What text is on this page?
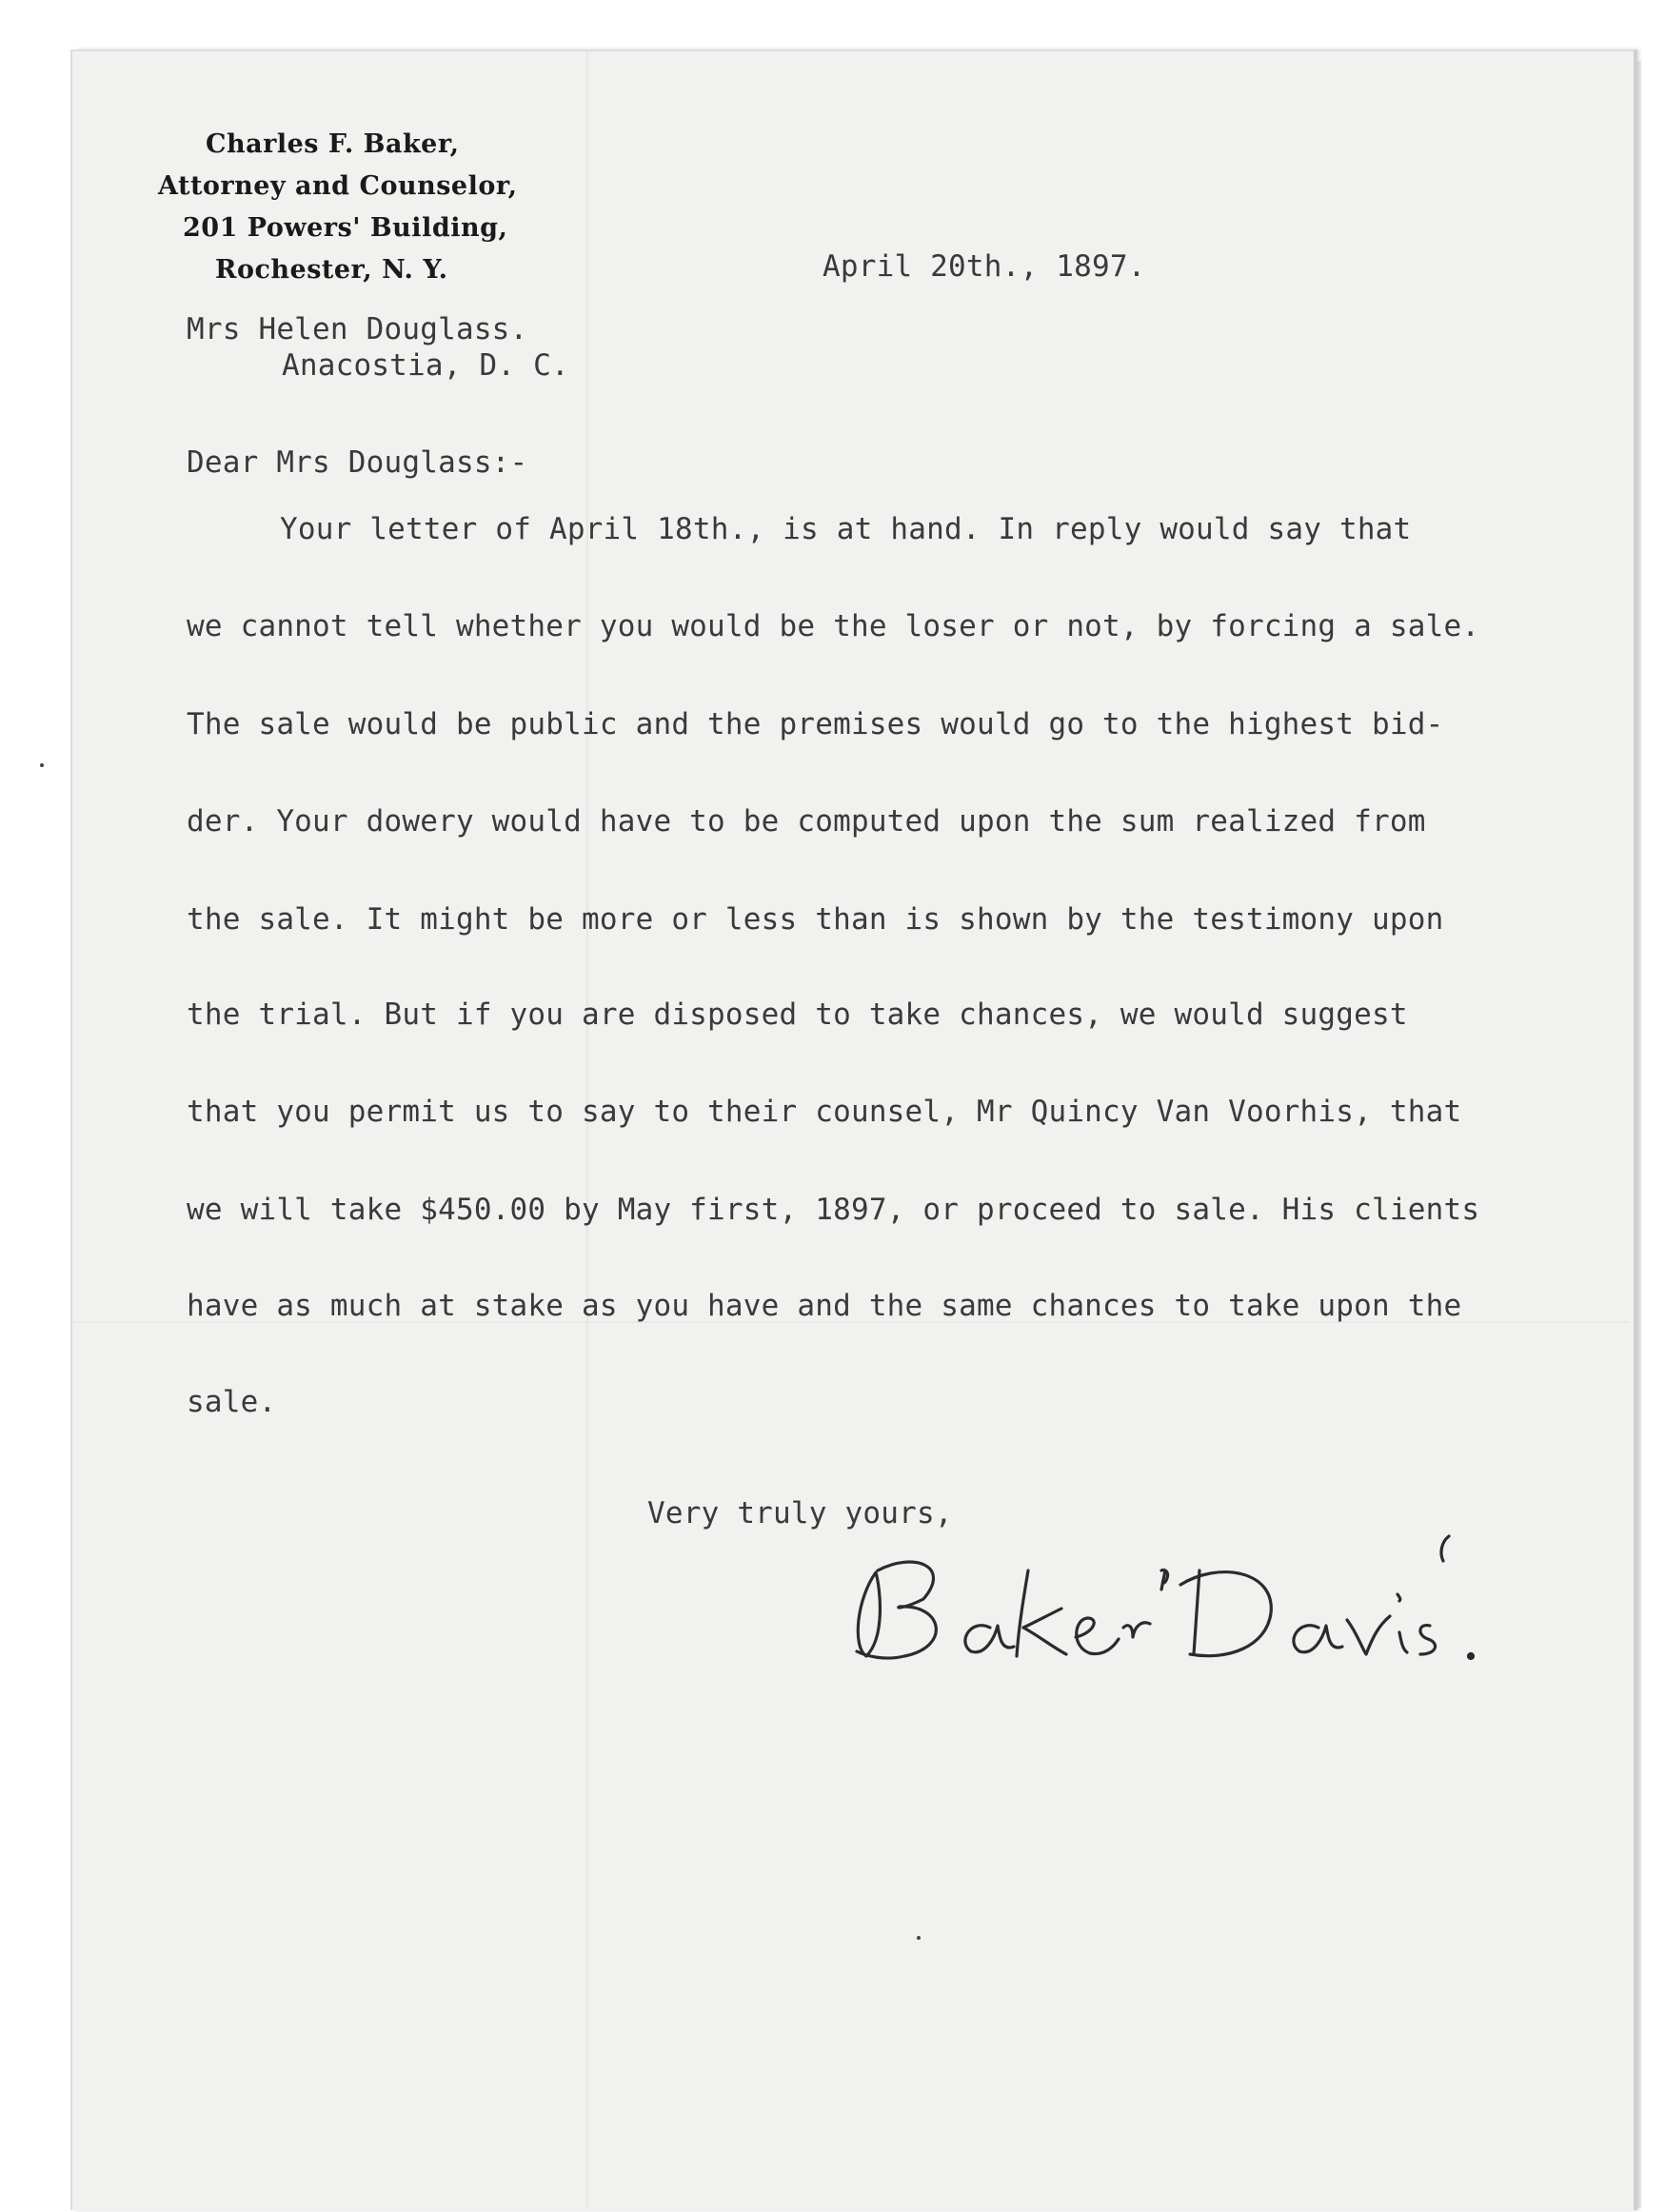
Charles F. Baker,
Attorney and Counselor,
201 Powers' Building,
Rochester, N. Y.	April 20th., 1897.
Mrs Helen Douglass.
Anacostia, D. C.
Dear Mrs Douglass:-
Your letter of April 18th., is at hand. In reply would say that
we cannot tell whether you would be the loser or not, by forcing a sale.
The sale would be public and the premises would go to the highest bid-
der. Your dowery would have to be computed upon the sum realized from
the sale. It might be more or less than is shown by the testimony upon
the trial. But if you are disposed to take chances, we would suggest
that you permit us to say to their counsel, Mr Quincy Van Voorhis, that
we will take $450.00 by May first, 1897, or proceed to sale. His clients
have as much at stake as you have and the same chances to take upon the
sale.
Very truly yours,
